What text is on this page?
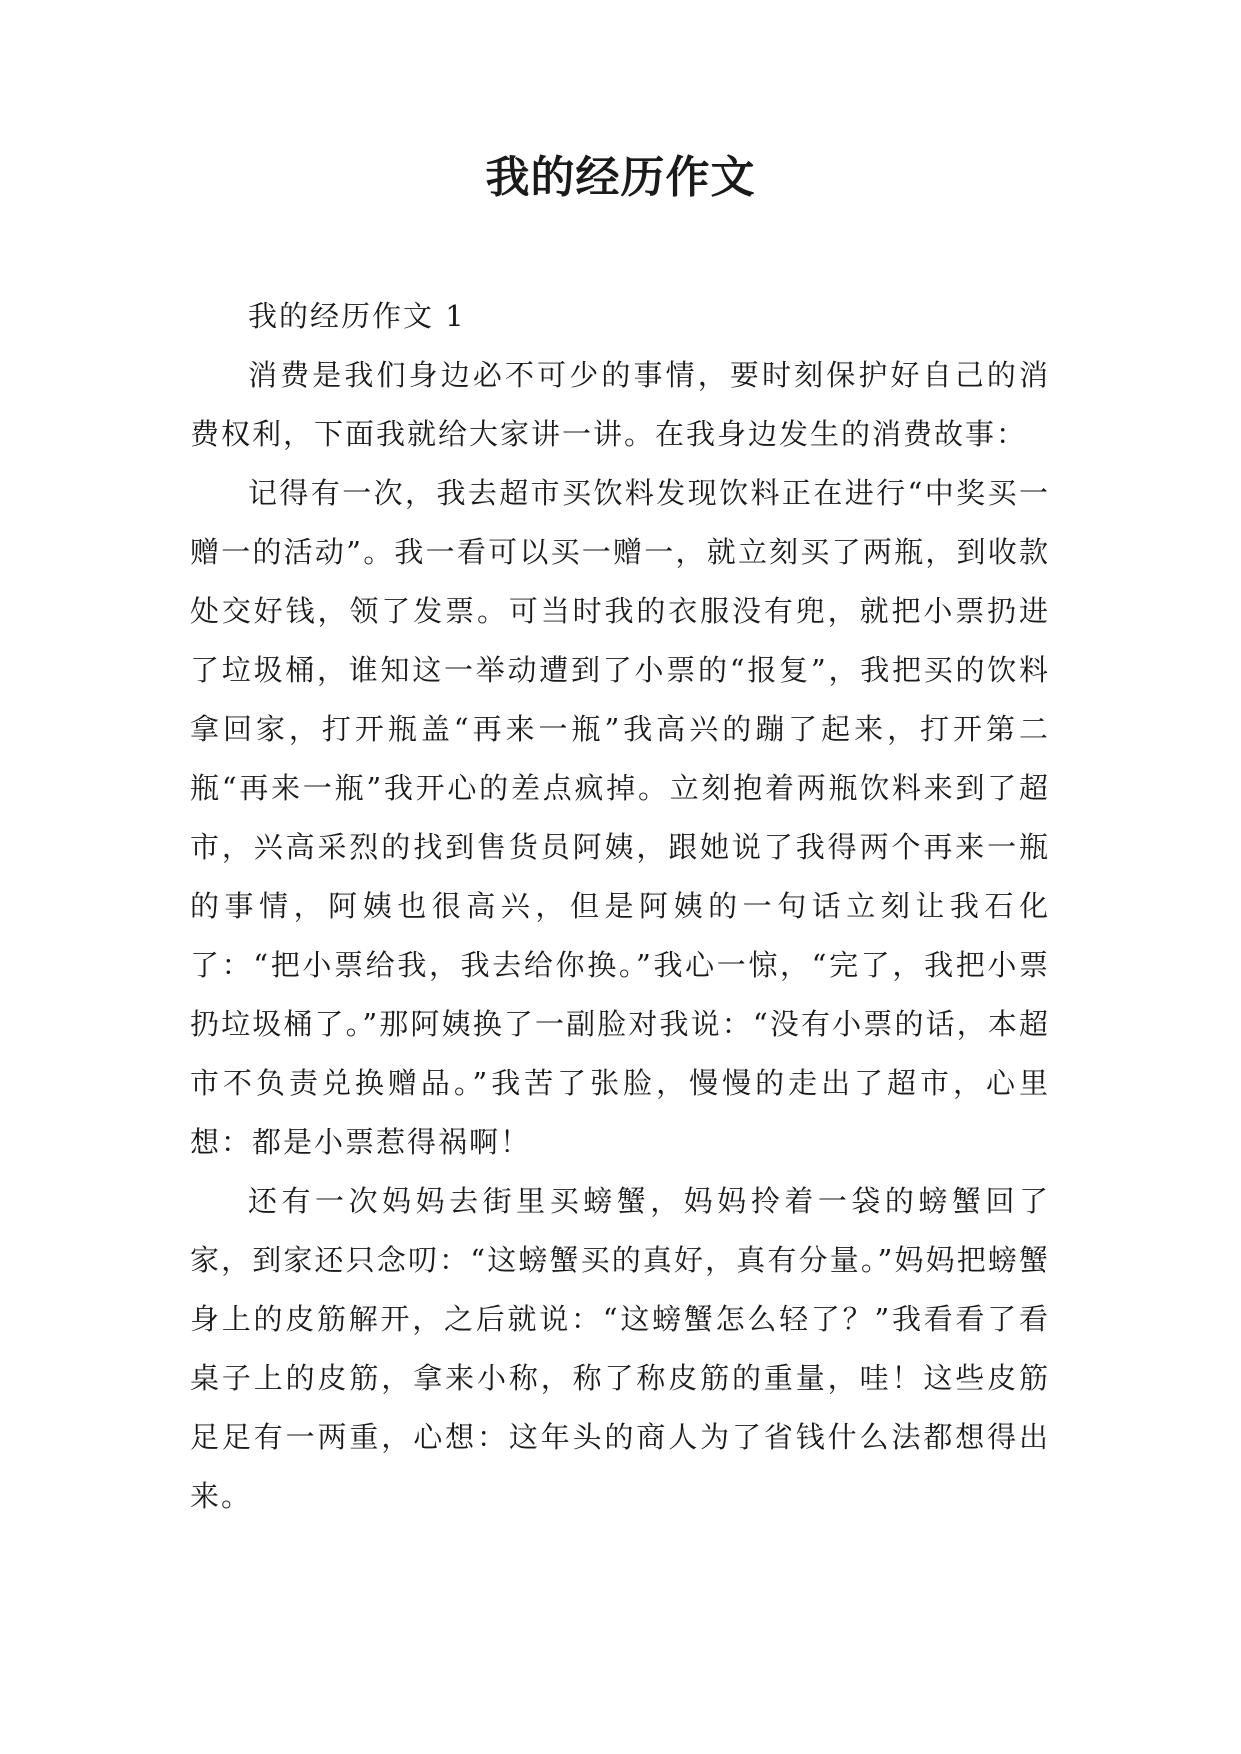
我的经历作文

我的经历作文 1

消费是我们身边必不可少的事情，要时刻保护好自己的消费权利，下面我就给大家讲一讲。在我身边发生的消费故事：

记得有一次，我去超市买饮料发现饮料正在进行“中奖买一赠一的活动”。我一看可以买一赠一，就立刻买了两瓶，到收款处交好钱，领了发票。可当时我的衣服没有兜，就把小票扔进了垃圾桶，谁知这一举动遭到了小票的“报复”，我把买的饮料拿回家，打开瓶盖“再来一瓶”我高兴的蹦了起来，打开第二瓶“再来一瓶”我开心的差点疯掉。立刻抱着两瓶饮料来到了超市，兴高采烈的找到售货员阿姨，跟她说了我得两个再来一瓶的事情，阿姨也很高兴，但是阿姨的一句话立刻让我石化了：“把小票给我，我去给你换。”我心一惊，“完了，我把小票扔垃圾桶了。”那阿姨换了一副脸对我说：“没有小票的话，本超市不负责兑换赠品。”我苦了张脸，慢慢的走出了超市，心里想：都是小票惹得祸啊！

还有一次妈妈去街里买螃蟹，妈妈拎着一袋的螃蟹回了家，到家还只念叨：“这螃蟹买的真好，真有分量。”妈妈把螃蟹身上的皮筋解开，之后就说：“这螃蟹怎么轻了？”我看看了看桌子上的皮筋，拿来小称，称了称皮筋的重量，哇！这些皮筋足足有一两重，心想：这年头的商人为了省钱什么法都想得出来。
